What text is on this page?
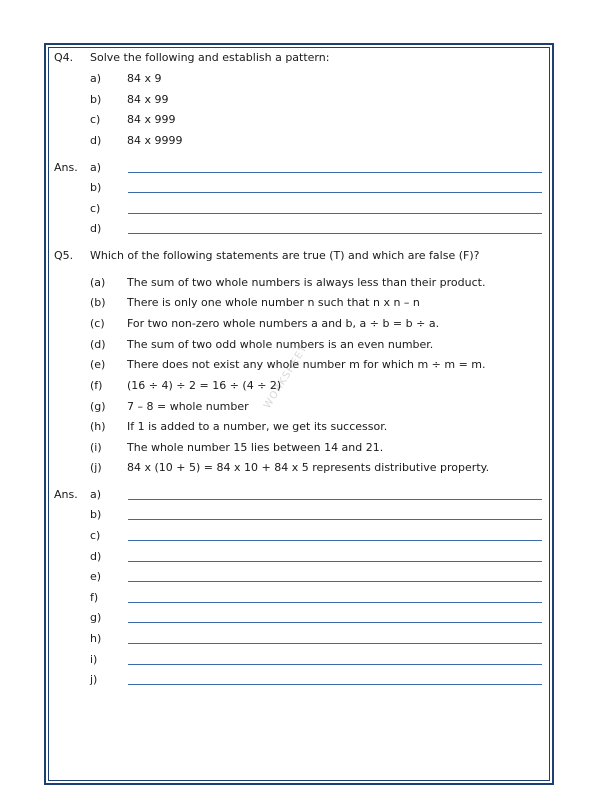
WORKSHEET
Q4. Solve the following and establish a pattern:
a) 84 x 9
b) 84 x 99
c) 84 x 999
d) 84 x 9999
Ans. a)
b)
c)
d)
Q5. Which of the following statements are true (T) and which are false (F)?
(a) The sum of two whole numbers is always less than their product.
(b) There is only one whole number n such that n x n – n
(c) For two non-zero whole numbers a and b, a ÷ b = b ÷ a.
(d) The sum of two odd whole numbers is an even number.
(e) There does not exist any whole number m for which m ÷ m = m.
(f) (16 ÷ 4) ÷ 2 = 16 ÷ (4 ÷ 2)
(g) 7 – 8 = whole number
(h) If 1 is added to a number, we get its successor.
(i) The whole number 15 lies between 14 and 21.
(j) 84 x (10 + 5) = 84 x 10 + 84 x 5 represents distributive property.
Ans. a)
b)
c)
d)
e)
f)
g)
h)
i)
j)
